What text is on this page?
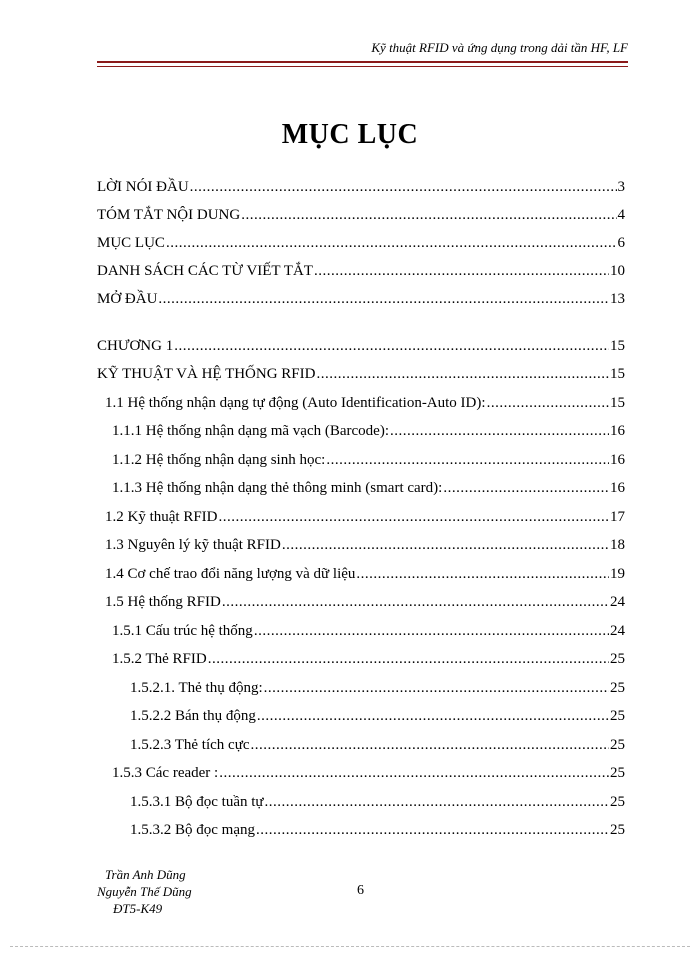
Kỹ thuật RFID và ứng dụng trong dải tần HF, LF
MỤC LỤC
LỜI NÓI ĐẦU .....	3
TÓM TẮT NỘI DUNG .....	4
MỤC LỤC .....	6
DANH SÁCH CÁC TỪ VIẾT TẮT .....	10
MỞ ĐẦU .....	13
CHƯƠNG 1 .....	15
KỸ THUẬT VÀ HỆ THỐNG RFID .....	15
1.1 Hệ thống nhận dạng tự động (Auto Identification-Auto ID): .....	15
1.1.1 Hệ thống nhận dạng mã vạch (Barcode): .....	16
1.1.2 Hệ thống nhận dạng sinh học: .....	16
1.1.3 Hệ thống nhận dạng thẻ thông minh (smart card): .....	16
1.2 Kỹ thuật RFID .....	17
1.3 Nguyên lý kỹ thuật RFID .....	18
1.4 Cơ chế trao đổi năng lượng và dữ liệu .....	19
1.5 Hệ thống RFID .....	24
1.5.1 Cấu trúc hệ thống .....	24
1.5.2 Thẻ RFID .....	25
1.5.2.1. Thẻ thụ động: .....	25
1.5.2.2 Bán thụ động .....	25
1.5.2.3 Thẻ tích cực .....	25
1.5.3 Các reader : .....	25
1.5.3.1 Bộ đọc tuần tự .....	25
1.5.3.2 Bộ đọc mạng .....	25
Trần Anh Dũng
Nguyễn Thế Dũng
ĐT5-K49
6
